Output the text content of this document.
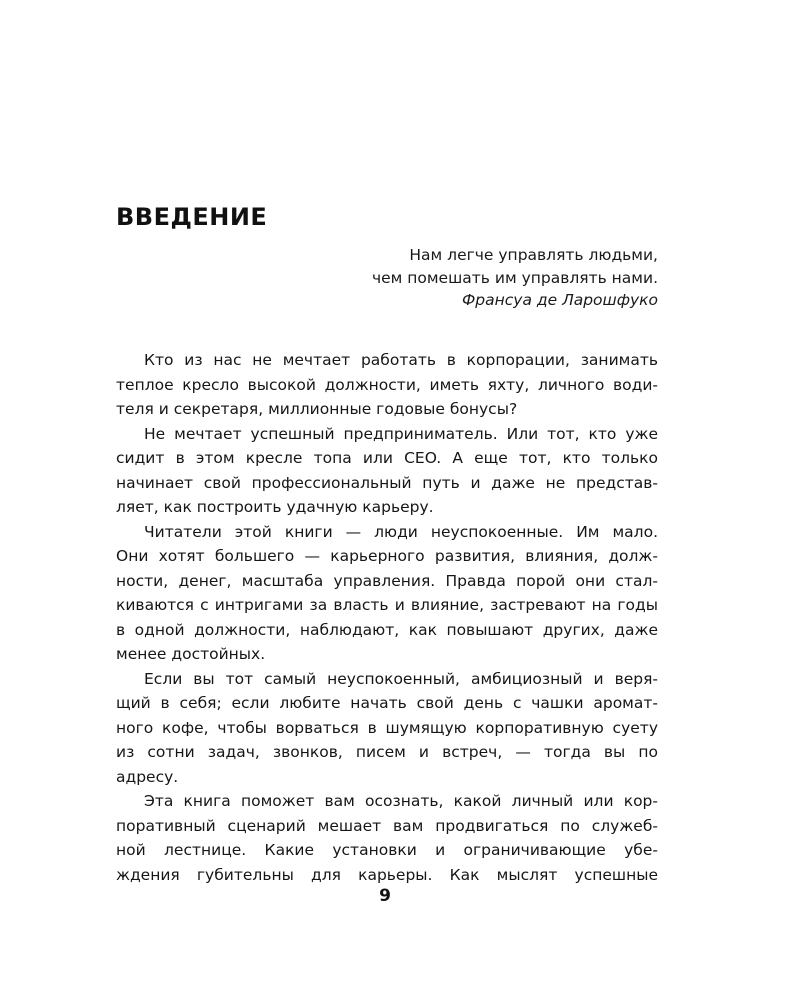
ВВЕДЕНИЕ
Нам легче управлять людьми,
чем помешать им управлять нами.
Франсуа де Ларошфуко

Кто из нас не мечтает работать в корпорации, занимать
теплое кресло высокой должности, иметь яхту, личного води-
теля и секретаря, миллионные годовые бонусы?

Не мечтает успешный предприниматель. Или тот, кто уже
сидит в этом кресле топа или CEO. А еще тот, кто только
начинает свой профессиональный путь и даже не представ-
ляет, как построить удачную карьеру.

Читатели этой книги — люди неуспокоенные. Им мало.
Они хотят большего — карьерного развития, влияния, долж-
ности, денег, масштаба управления. Правда порой они стал-
киваются с интригами за власть и влияние, застревают на годы
в одной должности, наблюдают, как повышают других, даже
менее достойных.

Если вы тот самый неуспокоенный, амбициозный и веря-
щий в себя; если любите начать свой день с чашки аромат-
ного кофе, чтобы ворваться в шумящую корпоративную суету
из сотни задач, звонков, писем и встреч, — тогда вы по
адресу.

Эта книга поможет вам осознать, какой личный или кор-
поративный сценарий мешает вам продвигаться по служеб-
ной лестнице. Какие установки и ограничивающие убе-
ждения губительны для карьеры. Как мыслят успешные

9
